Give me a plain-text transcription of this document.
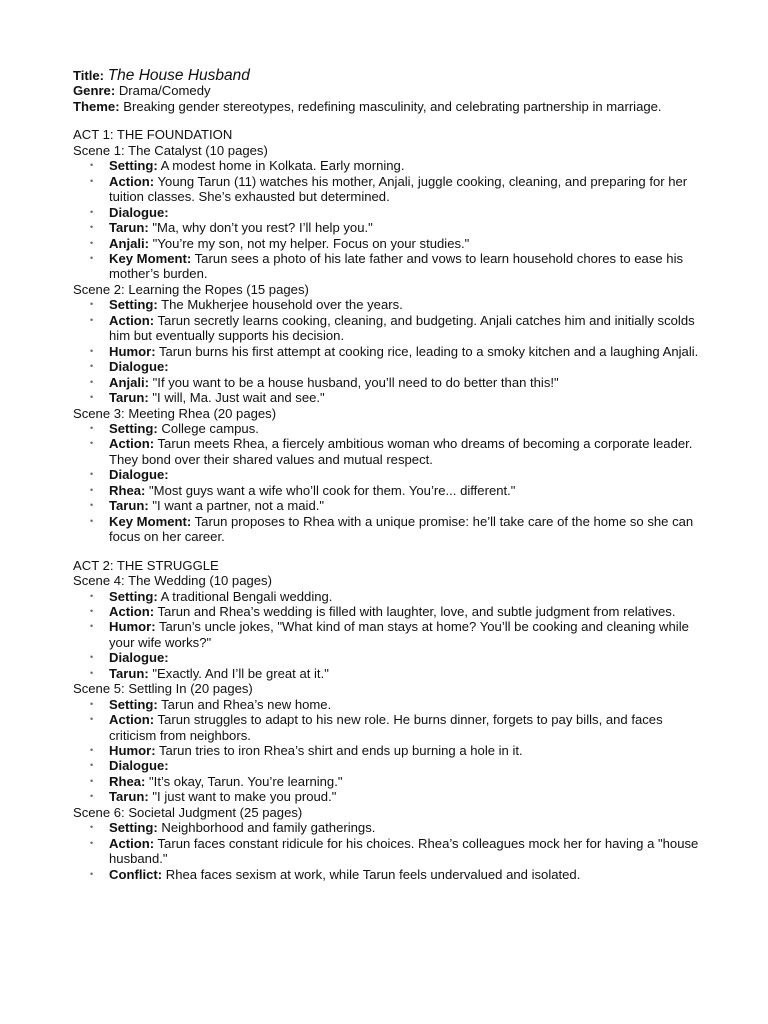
Title: The House Husband

Genre: Drama/Comedy

Theme: Breaking gender stereotypes, redefining masculinity, and celebrating partnership in marriage.

ACT 1: THE FOUNDATION

Scene 1: The Catalyst (10 pages)

• Setting: A modest home in Kolkata. Early morning.
• Action: Young Tarun (11) watches his mother, Anjali, juggle cooking, cleaning, and preparing for her tuition classes. She’s exhausted but determined.
• Dialogue:
• Tarun: "Ma, why don’t you rest? I’ll help you."
• Anjali: "You’re my son, not my helper. Focus on your studies."
• Key Moment: Tarun sees a photo of his late father and vows to learn household chores to ease his mother’s burden.

Scene 2: Learning the Ropes (15 pages)

• Setting: The Mukherjee household over the years.
• Action: Tarun secretly learns cooking, cleaning, and budgeting. Anjali catches him and initially scolds him but eventually supports his decision.
• Humor: Tarun burns his first attempt at cooking rice, leading to a smoky kitchen and a laughing Anjali.
• Dialogue:
• Anjali: "If you want to be a house husband, you’ll need to do better than this!"
• Tarun: "I will, Ma. Just wait and see."

Scene 3: Meeting Rhea (20 pages)

• Setting: College campus.
• Action: Tarun meets Rhea, a fiercely ambitious woman who dreams of becoming a corporate leader. They bond over their shared values and mutual respect.
• Dialogue:
• Rhea: "Most guys want a wife who’ll cook for them. You’re... different."
• Tarun: "I want a partner, not a maid."
• Key Moment: Tarun proposes to Rhea with a unique promise: he’ll take care of the home so she can focus on her career.

ACT 2: THE STRUGGLE

Scene 4: The Wedding (10 pages)

• Setting: A traditional Bengali wedding.
• Action: Tarun and Rhea’s wedding is filled with laughter, love, and subtle judgment from relatives.
• Humor: Tarun’s uncle jokes, "What kind of man stays at home? You’ll be cooking and cleaning while your wife works?"
• Dialogue:
• Tarun: "Exactly. And I’ll be great at it."

Scene 5: Settling In (20 pages)

• Setting: Tarun and Rhea’s new home.
• Action: Tarun struggles to adapt to his new role. He burns dinner, forgets to pay bills, and faces criticism from neighbors.
• Humor: Tarun tries to iron Rhea’s shirt and ends up burning a hole in it.
• Dialogue:
• Rhea: "It’s okay, Tarun. You’re learning."
• Tarun: "I just want to make you proud."

Scene 6: Societal Judgment (25 pages)

• Setting: Neighborhood and family gatherings.
• Action: Tarun faces constant ridicule for his choices. Rhea’s colleagues mock her for having a "house husband."
• Conflict: Rhea faces sexism at work, while Tarun feels undervalued and isolated.
